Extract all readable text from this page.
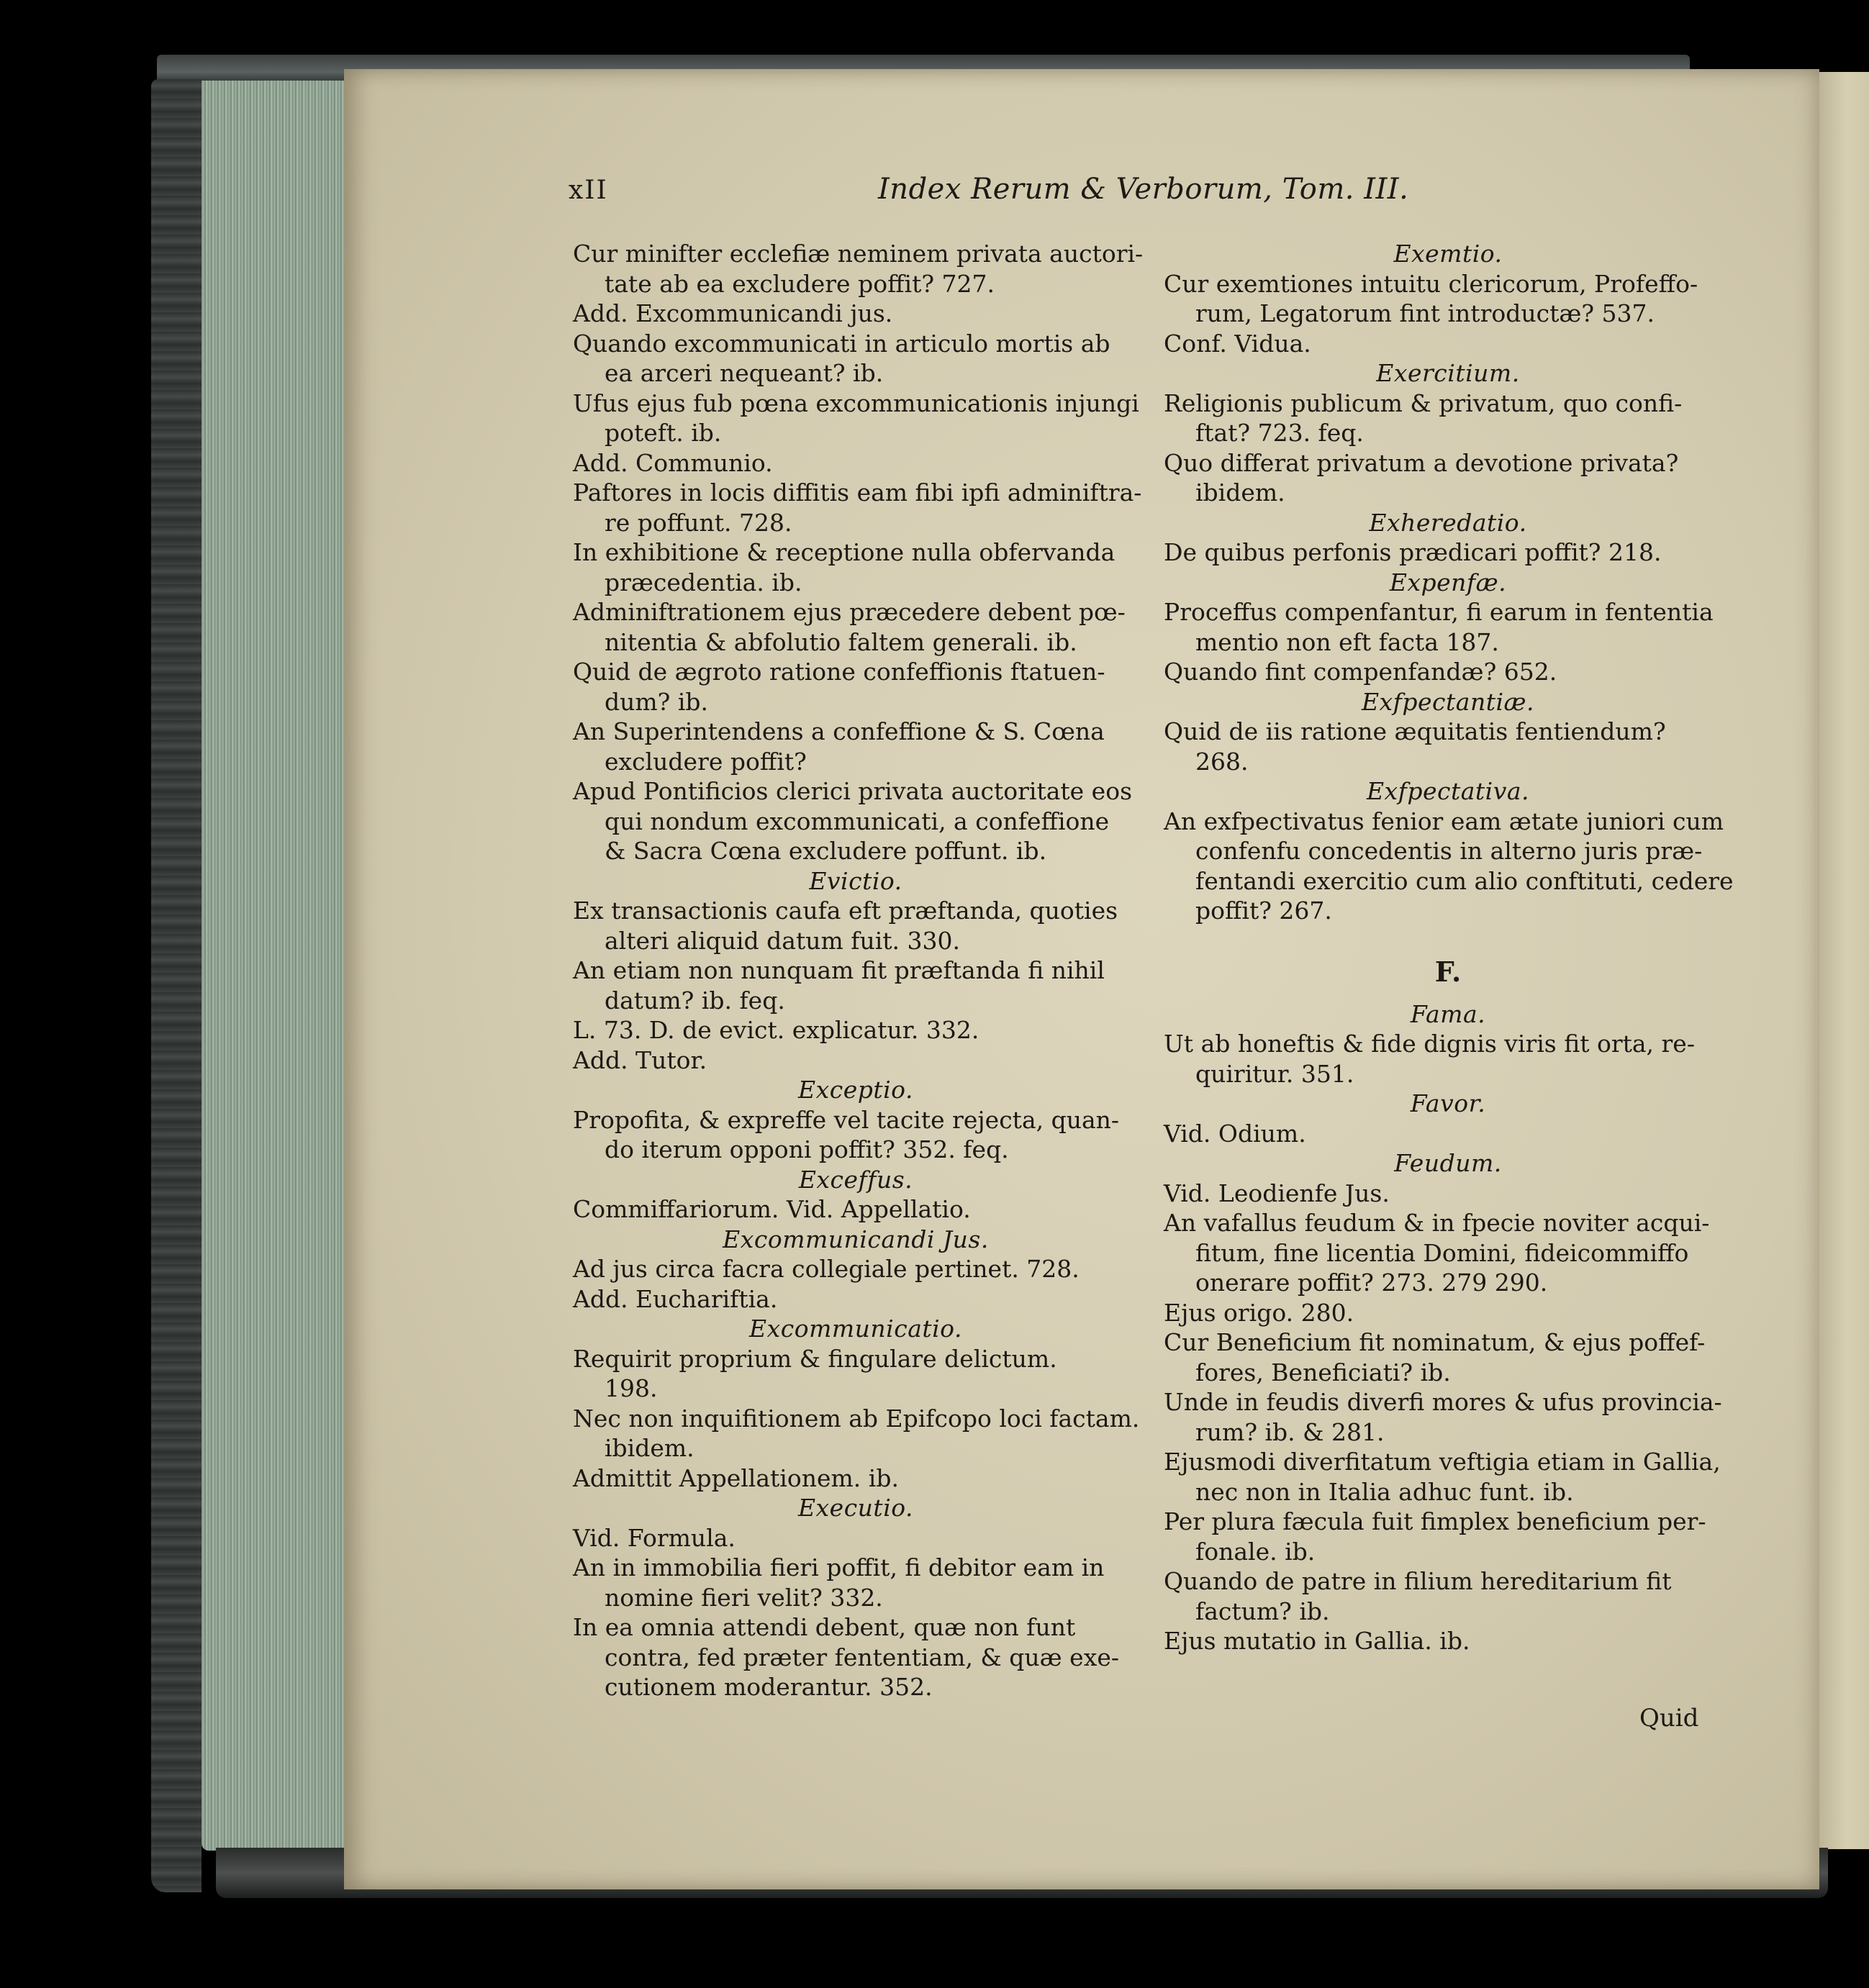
xII	Index Rerum & Verborum, Tom. III.
Cur minifter ecclefiæ neminem privata auctori-
tate ab ea excludere poffit? 727.
Add. Excommunicandi jus.
Quando excommunicati in articulo mortis ab
ea arceri nequeant? ib.
Ufus ejus fub pœna excommunicationis injungi
poteft. ib.
Add. Communio.
Paftores in locis diffitis eam fibi ipfi adminiftra-
re poffunt. 728.
In exhibitione & receptione nulla obfervanda
præcedentia. ib.
Adminiftrationem ejus præcedere debent pœ-
nitentia & abfolutio faltem generali. ib.
Quid de ægroto ratione confeffionis ftatuen-
dum? ib.
An Superintendens a confeffione & S. Cœna
excludere poffit?
Apud Pontificios clerici privata auctoritate eos
qui nondum excommunicati, a confeffione
& Sacra Cœna excludere poffunt. ib.
Evictio.
Ex transactionis caufa eft præftanda, quoties
alteri aliquid datum fuit. 330.
An etiam non nunquam fit præftanda fi nihil
datum? ib. feq.
L. 73. D. de evict. explicatur. 332.
Add. Tutor.
Exceptio.
Propofita, & expreffe vel tacite rejecta, quan-
do iterum opponi poffit? 352. feq.
Exceffus.
Commiffariorum. Vid. Appellatio.
Excommunicandi Jus.
Ad jus circa facra collegiale pertinet. 728.
Add. Euchariftia.
Excommunicatio.
Requirit proprium & fingulare delictum.
198.
Nec non inquifitionem ab Epifcopo loci factam.
ibidem.
Admittit Appellationem. ib.
Executio.
Vid. Formula.
An in immobilia fieri poffit, fi debitor eam in
nomine fieri velit? 332.
In ea omnia attendi debent, quæ non funt
contra, fed præter fententiam, & quæ exe-
cutionem moderantur. 352.
Exemtio.
Cur exemtiones intuitu clericorum, Profeffo-
rum, Legatorum fint introductæ? 537.
Conf. Vidua.
Exercitium.
Religionis publicum & privatum, quo confi-
ftat? 723. feq.
Quo differat privatum a devotione privata?
ibidem.
Exheredatio.
De quibus perfonis prædicari poffit? 218.
Expenfæ.
Proceffus compenfantur, fi earum in fententia
mentio non eft facta 187.
Quando fint compenfandæ? 652.
Exfpectantiæ.
Quid de iis ratione æquitatis fentiendum?
268.
Exfpectativa.
An exfpectivatus fenior eam ætate juniori cum
confenfu concedentis in alterno juris præ-
fentandi exercitio cum alio conftituti, cedere
poffit? 267.
F.
Fama.
Ut ab honeftis & fide dignis viris fit orta, re-
quiritur. 351.
Favor.
Vid. Odium.
Feudum.
Vid. Leodienfe Jus.
An vafallus feudum & in fpecie noviter acqui-
fitum, fine licentia Domini, fideicommiffo
onerare poffit? 273. 279 290.
Ejus origo. 280.
Cur Beneficium fit nominatum, & ejus poffef-
fores, Beneficiati? ib.
Unde in feudis diverfi mores & ufus provincia-
rum? ib. & 281.
Ejusmodi diverfitatum veftigia etiam in Gallia,
nec non in Italia adhuc funt. ib.
Per plura fæcula fuit fimplex beneficium per-
fonale. ib.
Quando de patre in filium hereditarium fit
factum? ib.
Ejus mutatio in Gallia. ib.
Quid
